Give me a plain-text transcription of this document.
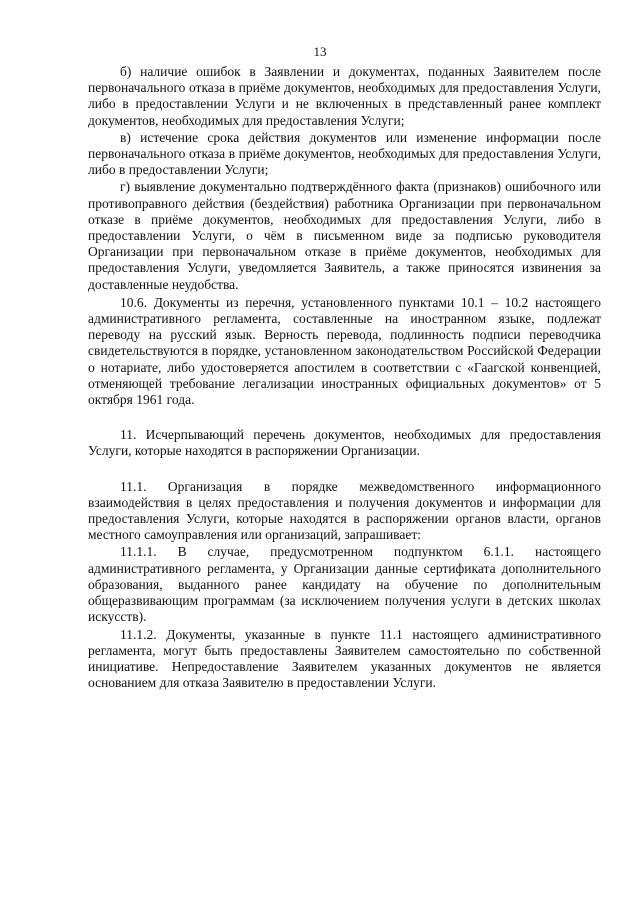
13

б) наличие ошибок в Заявлении и документах, поданных Заявителем после первоначального отказа в приёме документов, необходимых для предоставления Услуги, либо в предоставлении Услуги и не включенных в представленный ранее комплект документов, необходимых для предоставления Услуги;

в) истечение срока действия документов или изменение информации после первоначального отказа в приёме документов, необходимых для предоставления Услуги, либо в предоставлении Услуги;

г) выявление документально подтверждённого факта (признаков) ошибочного или противоправного действия (бездействия) работника Организации при первоначальном отказе в приёме документов, необходимых для предоставления Услуги, либо в предоставлении Услуги, о чём в письменном виде за подписью руководителя Организации при первоначальном отказе в приёме документов, необходимых для предоставления Услуги, уведомляется Заявитель, а также приносятся извинения за доставленные неудобства.

10.6. Документы из перечня, установленного пунктами 10.1 – 10.2 настоящего административного регламента, составленные на иностранном языке, подлежат переводу на русский язык. Верность перевода, подлинность подписи переводчика свидетельствуются в порядке, установленном законодательством Российской Федерации о нотариате, либо удостоверяется апостилем в соответствии с «Гаагской конвенцией, отменяющей требование легализации иностранных официальных документов» от 5 октября 1961 года.

11. Исчерпывающий перечень документов, необходимых для предоставления Услуги, которые находятся в распоряжении Организации.

11.1. Организация в порядке межведомственного информационного взаимодействия в целях предоставления и получения документов и информации для предоставления Услуги, которые находятся в распоряжении органов власти, органов местного самоуправления или организаций, запрашивает:

11.1.1. В случае, предусмотренном подпунктом 6.1.1. настоящего административного регламента, у Организации данные сертификата дополнительного образования, выданного ранее кандидату на обучение по дополнительным общеразвивающим программам (за исключением получения услуги в детских школах искусств).

11.1.2. Документы, указанные в пункте 11.1 настоящего административного регламента, могут быть предоставлены Заявителем самостоятельно по собственной инициативе. Непредоставление Заявителем указанных документов не является основанием для отказа Заявителю в предоставлении Услуги.
